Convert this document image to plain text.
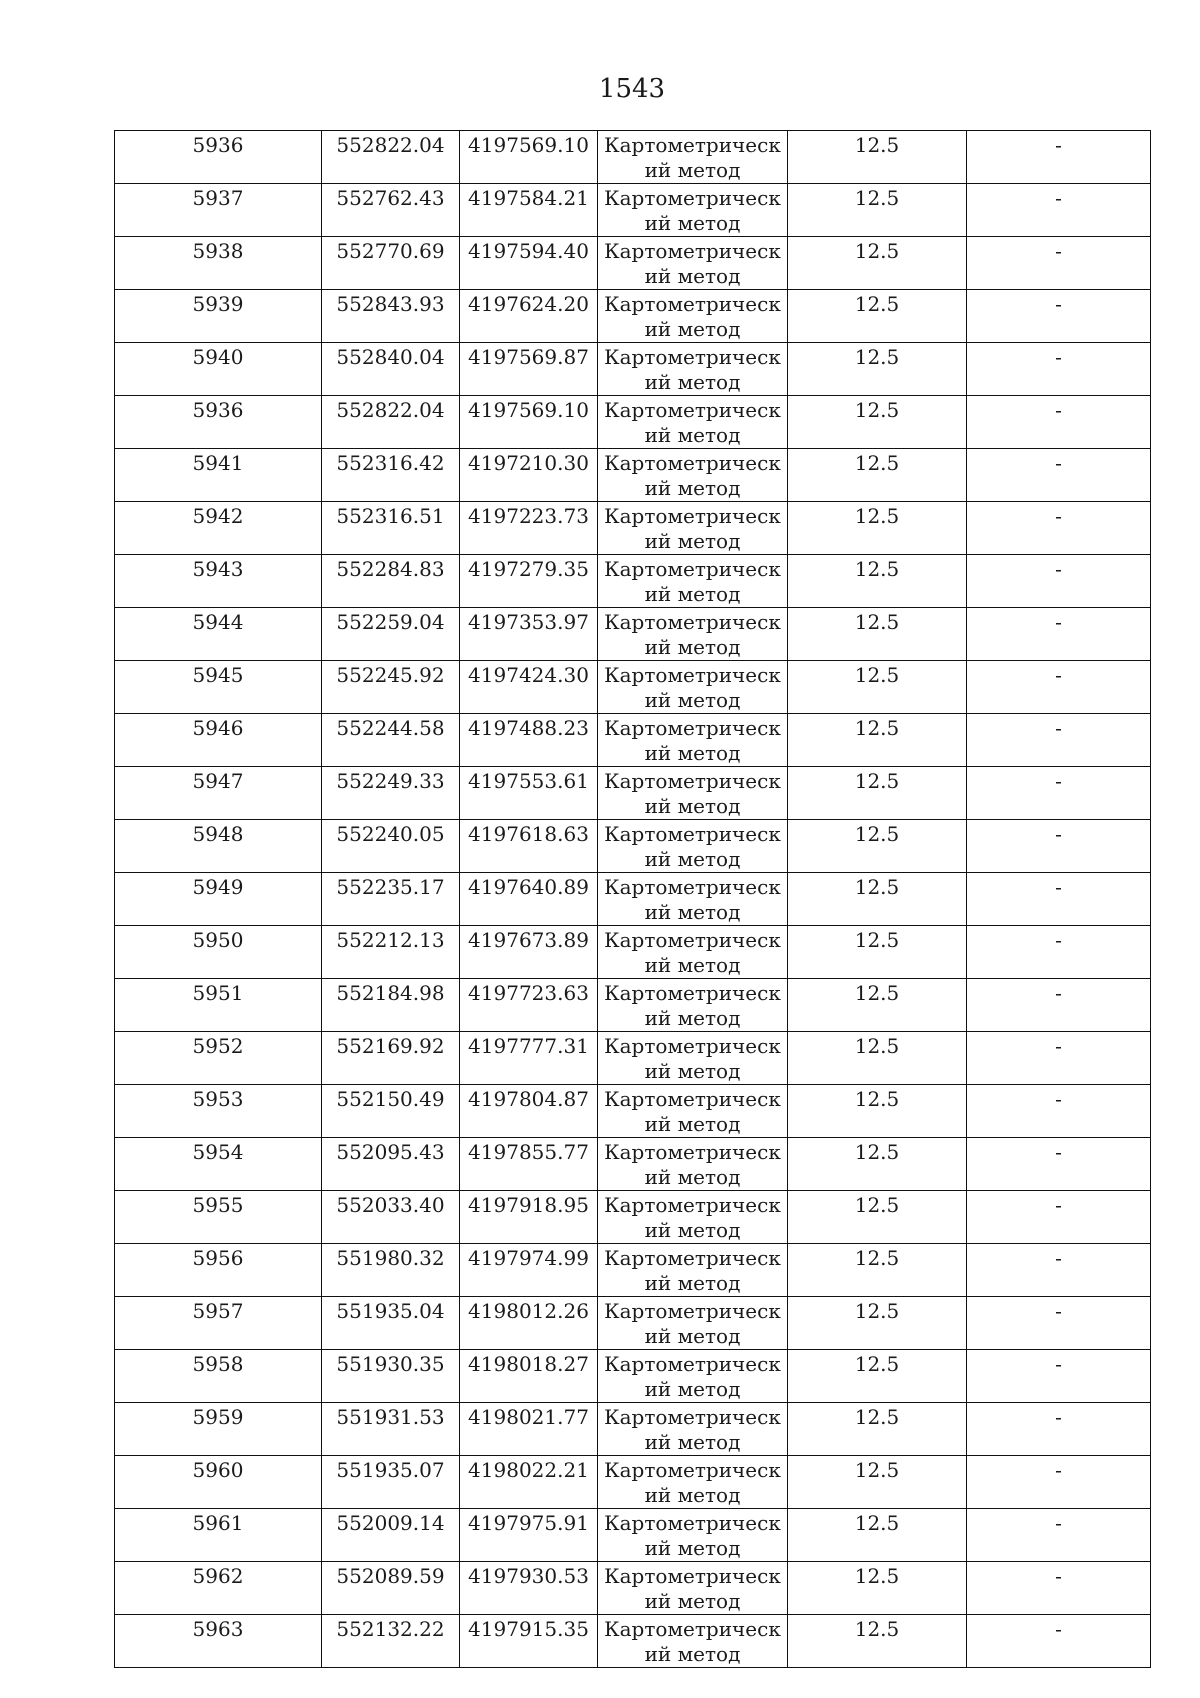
1543
5936	552822.04	4197569.10	Картометрический метод	12.5	-
5937	552762.43	4197584.21	Картометрический метод	12.5	-
5938	552770.69	4197594.40	Картометрический метод	12.5	-
5939	552843.93	4197624.20	Картометрический метод	12.5	-
5940	552840.04	4197569.87	Картометрический метод	12.5	-
5936	552822.04	4197569.10	Картометрический метод	12.5	-
5941	552316.42	4197210.30	Картометрический метод	12.5	-
5942	552316.51	4197223.73	Картометрический метод	12.5	-
5943	552284.83	4197279.35	Картометрический метод	12.5	-
5944	552259.04	4197353.97	Картометрический метод	12.5	-
5945	552245.92	4197424.30	Картометрический метод	12.5	-
5946	552244.58	4197488.23	Картометрический метод	12.5	-
5947	552249.33	4197553.61	Картометрический метод	12.5	-
5948	552240.05	4197618.63	Картометрический метод	12.5	-
5949	552235.17	4197640.89	Картометрический метод	12.5	-
5950	552212.13	4197673.89	Картометрический метод	12.5	-
5951	552184.98	4197723.63	Картометрический метод	12.5	-
5952	552169.92	4197777.31	Картометрический метод	12.5	-
5953	552150.49	4197804.87	Картометрический метод	12.5	-
5954	552095.43	4197855.77	Картометрический метод	12.5	-
5955	552033.40	4197918.95	Картометрический метод	12.5	-
5956	551980.32	4197974.99	Картометрический метод	12.5	-
5957	551935.04	4198012.26	Картометрический метод	12.5	-
5958	551930.35	4198018.27	Картометрический метод	12.5	-
5959	551931.53	4198021.77	Картометрический метод	12.5	-
5960	551935.07	4198022.21	Картометрический метод	12.5	-
5961	552009.14	4197975.91	Картометрический метод	12.5	-
5962	552089.59	4197930.53	Картометрический метод	12.5	-
5963	552132.22	4197915.35	Картометрический метод	12.5	-
